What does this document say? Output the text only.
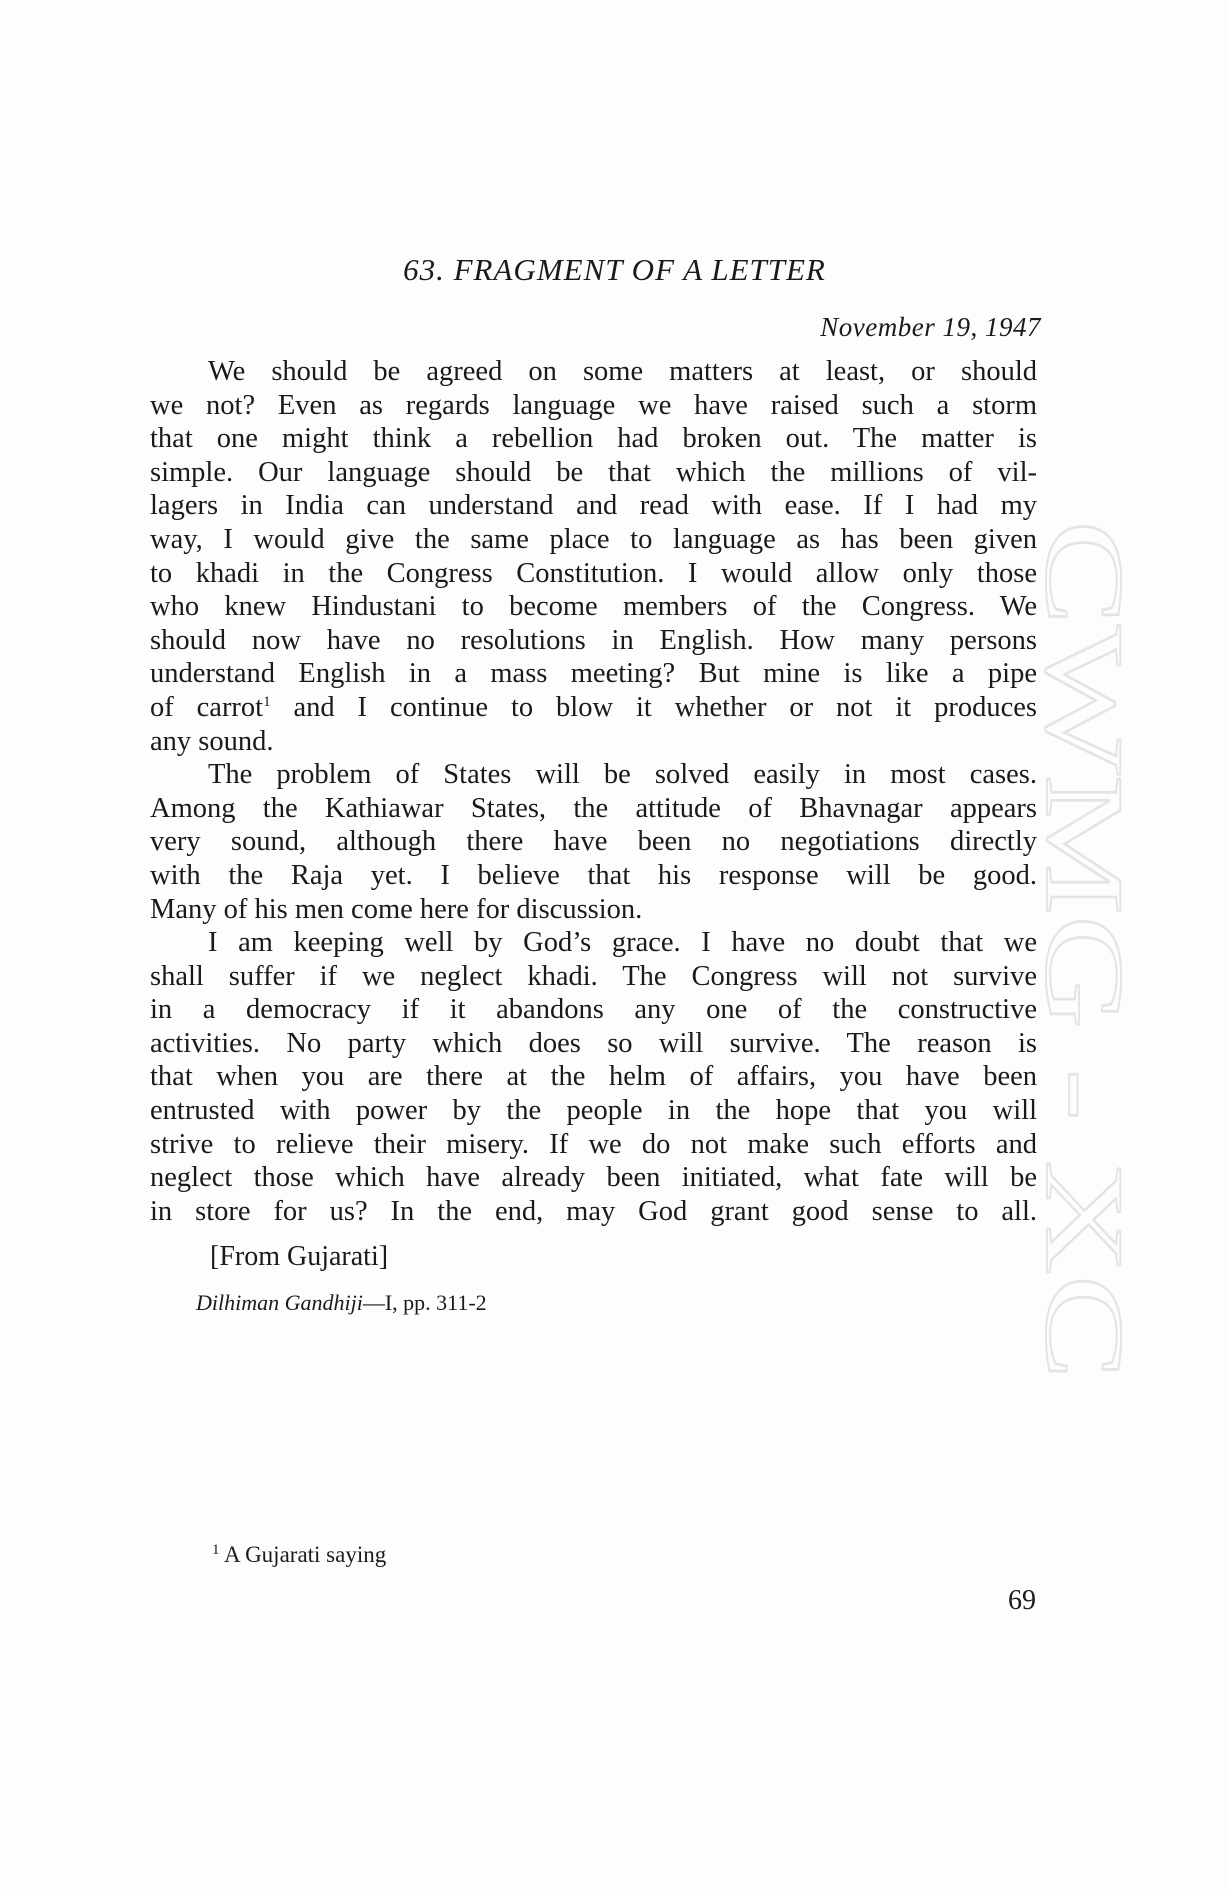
CWMG - XC
63. FRAGMENT OF A LETTER
November 19, 1947

We should be agreed on some matters at least, or should
we not? Even as regards language we have raised such a storm
that one might think a rebellion had broken out. The matter is
simple. Our language should be that which the millions of vil-
lagers in India can understand and read with ease. If I had my
way, I would give the same place to language as has been given
to khadi in the Congress Constitution. I would allow only those
who knew Hindustani to become members of the Congress. We
should now have no resolutions in English. How many persons
understand English in a mass meeting? But mine is like a pipe
of carrot$^1$ and I continue to blow it whether or not it produces
any sound.

The problem of States will be solved easily in most cases.
Among the Kathiawar States, the attitude of Bhavnagar appears
very sound, although there have been no negotiations directly
with the Raja yet. I believe that his response will be good.
Many of his men come here for discussion.

I am keeping well by God’s grace. I have no doubt that we
shall suffer if we neglect khadi. The Congress will not survive
in a democracy if it abandons any one of the constructive
activities. No party which does so will survive. The reason is
that when you are there at the helm of affairs, you have been
entrusted with power by the people in the hope that you will
strive to relieve their misery. If we do not make such efforts and
neglect those which have already been initiated, what fate will be
in store for us? In the end, may God grant good sense to all.

[From Gujarati]
Dilhiman Gandhiji—I, pp. 311-2
$^1$ A Gujarati saying
69
